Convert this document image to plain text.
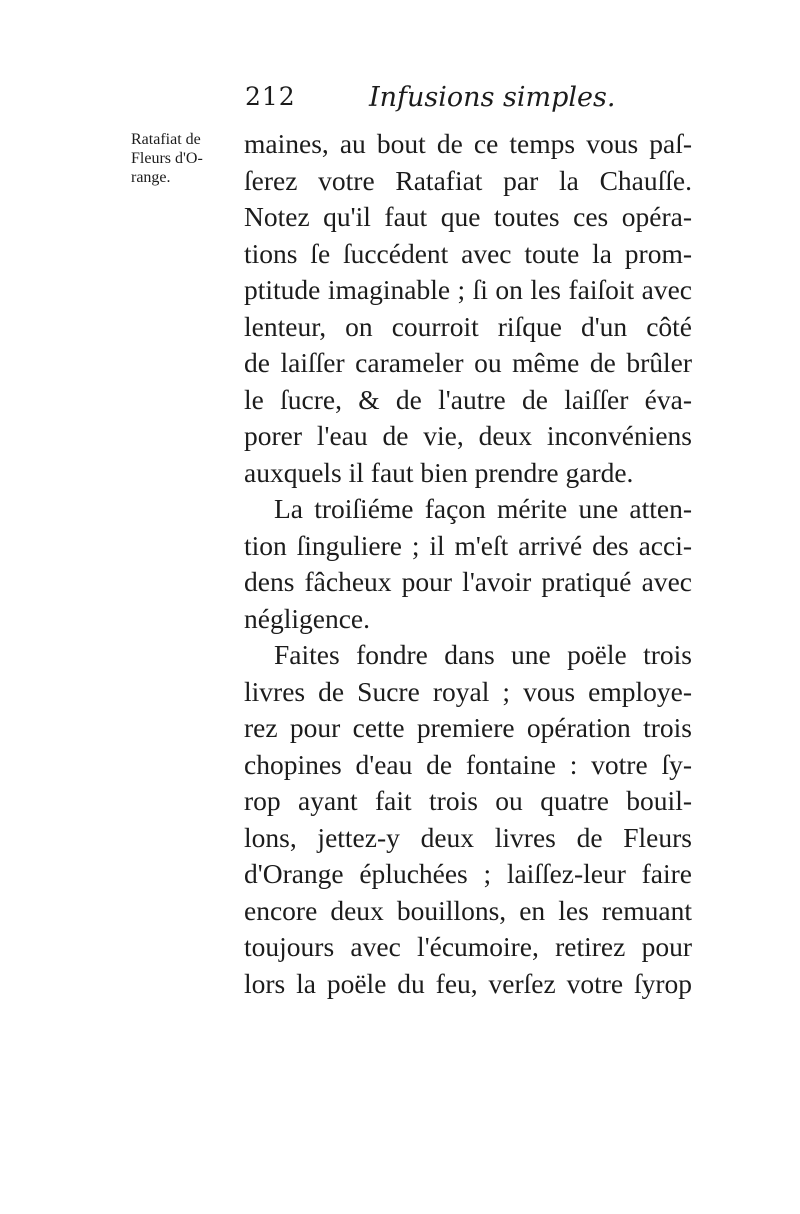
212	Infusions simples.
Ratafiat de
Fleurs d'O-
range.
maines, au bout de ce temps vous paſ-
ſerez votre Ratafiat par la Chauſſe.
Notez qu'il faut que toutes ces opéra-
tions ſe ſuccédent avec toute la prom-
ptitude imaginable ; ſi on les faiſoit avec
lenteur, on courroit riſque d'un côté
de laiſſer carameler ou même de brûler
le ſucre, & de l'autre de laiſſer éva-
porer l'eau de vie, deux inconvéniens
auxquels il faut bien prendre garde.
La troiſiéme façon mérite une atten-
tion ſinguliere ; il m'eſt arrivé des acci-
dens fâcheux pour l'avoir pratiqué avec
négligence.
Faites fondre dans une poële trois
livres de Sucre royal ; vous employe-
rez pour cette premiere opération trois
chopines d'eau de fontaine : votre ſy-
rop ayant fait trois ou quatre bouil-
lons, jettez-y deux livres de Fleurs
d'Orange épluchées ; laiſſez-leur faire
encore deux bouillons, en les remuant
toujours avec l'écumoire, retirez pour
lors la poële du feu, verſez votre ſyrop
